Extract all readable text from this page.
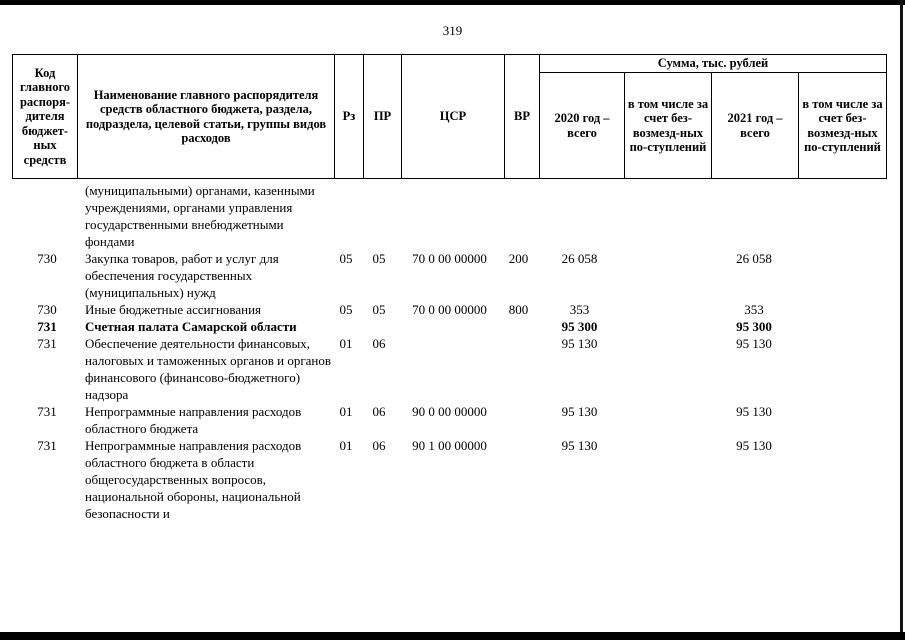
319
Код главного распоря-дителя бюджет-ных средств	Наименование главного распорядителя средств областного бюджета, раздела, подраздела, целевой статьи, группы видов расходов	Рз	ПР	ЦСР	ВР	Сумма, тыс. рублей			
						2020 год – всего	в том числе за счет без-возмезд-ных по-ступлений	2021 год – всего	в том числе за счет без-возмезд-ных по-ступлений
	(муниципальными) органами, казенными учреждениями, органами управления государственными внебюджетными фондами								
730	Закупка товаров, работ и услуг для обеспечения государственных (муниципальных) нужд	05	05	70 0 00 00000	200	26 058		26 058	
730	Иные бюджетные ассигнования	05	05	70 0 00 00000	800	353		353	
731	Счетная палата Самарской области					95 300		95 300	
731	Обеспечение деятельности финансовых, налоговых и таможенных органов и органов финансового (финансово-бюджетного) надзора	01	06			95 130		95 130	
731	Непрограммные направления расходов областного бюджета	01	06	90 0 00 00000		95 130		95 130	
731	Непрограммные направления расходов областного бюджета в области общегосударственных вопросов, национальной обороны, национальной безопасности и	01	06	90 1 00 00000		95 130		95 130	
